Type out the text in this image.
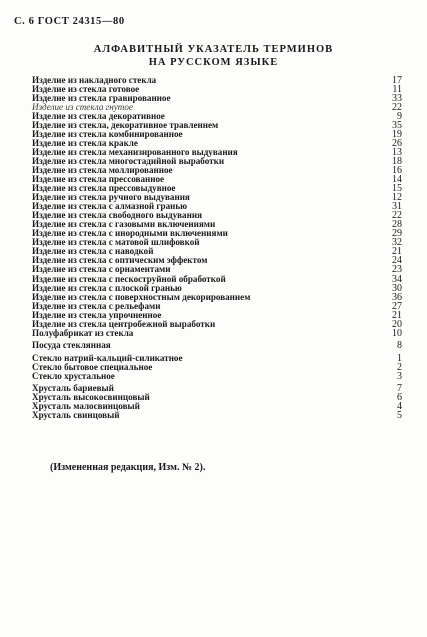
С. 6 ГОСТ 24315—80
АЛФАВИТНЫЙ УКАЗАТЕЛЬ ТЕРМИНОВ
НА РУССКОМ ЯЗЫКЕ
Изделие из накладного стекла	17
Изделие из стекла готовое	11
Изделие из стекла гравированное	33
Изделие из стекла гнутое	22
Изделие из стекла декоративное	9
Изделие из стекла, декоративное травленнем	35
Изделие из стекла комбинированное	19
Изделие из стекла кракле	26
Изделие из стекла механизированного выдувания	13
Изделие из стекла многостадийной выработки	18
Изделие из стекла моллированное	16
Изделие из стекла прессованное	14
Изделие из стекла прессовыдувное	15
Изделие из стекла ручного выдувания	12
Изделие из стекла с алмазной гранью	31
Изделие из стекла свободного выдувания	22
Изделие из стекла с газовыми включениями	28
Изделие из стекла с инородными включениями	29
Изделие из стекла с матовой шлифовкой	32
Изделие из стекла с наводкой	21
Изделие из стекла с оптическим эффектом	24
Изделие из стекла с орнаментами	23
Изделие из стекла с пескоструйной обработкой	34
Изделие из стекла с плоской гранью	30
Изделие из стекла с поверхностным декорированием	36
Изделие из стекла с рельефами	27
Изделие из стекла упрочненное	21
Изделие из стекла центробежной выработки	20
Полуфабрикат из стекла	10
Посуда стеклянная	8
Стекло натрий-кальций-силикатное	1
Стекло бытовое специальное	2
Стекло хрустальное	3
Хрусталь бариевый	7
Хрусталь высокосвинцовый	6
Хрусталь малосвинцовый	4
Хрусталь свинцовый	5
(Измененная редакция, Изм. № 2).
